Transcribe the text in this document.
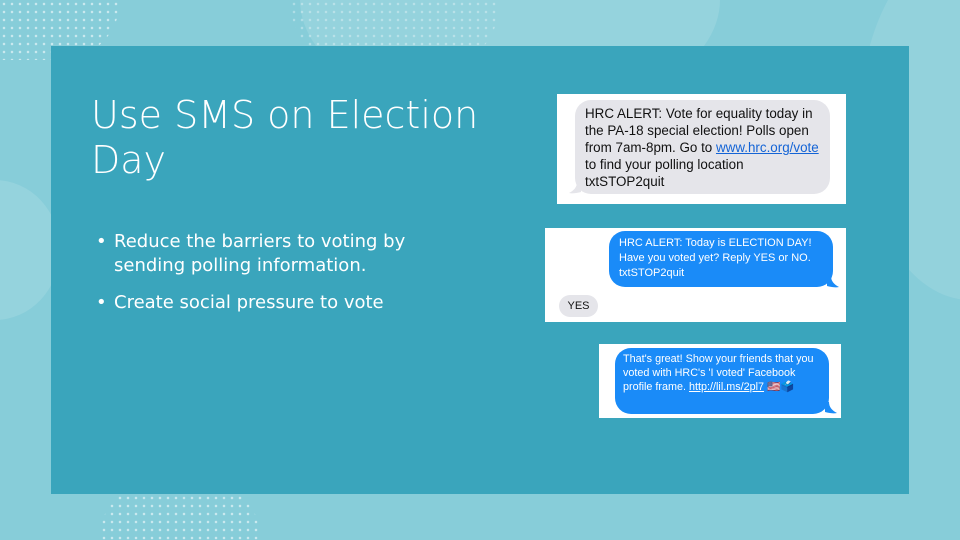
Use SMS on Election Day
• Reduce the barriers to voting by sending polling information.
• Create social pressure to vote
HRC ALERT: Vote for equality today in the PA-18 special election! Polls open from 7am-8pm. Go to www.hrc.org/vote to find your polling location txtSTOP2quit
HRC ALERT: Today is ELECTION DAY! Have you voted yet? Reply YES or NO. txtSTOP2quit
YES
That's great! Show your friends that you voted with HRC's 'I voted' Facebook profile frame. http://lil.ms/2pl7 🇺🇸🗳️
